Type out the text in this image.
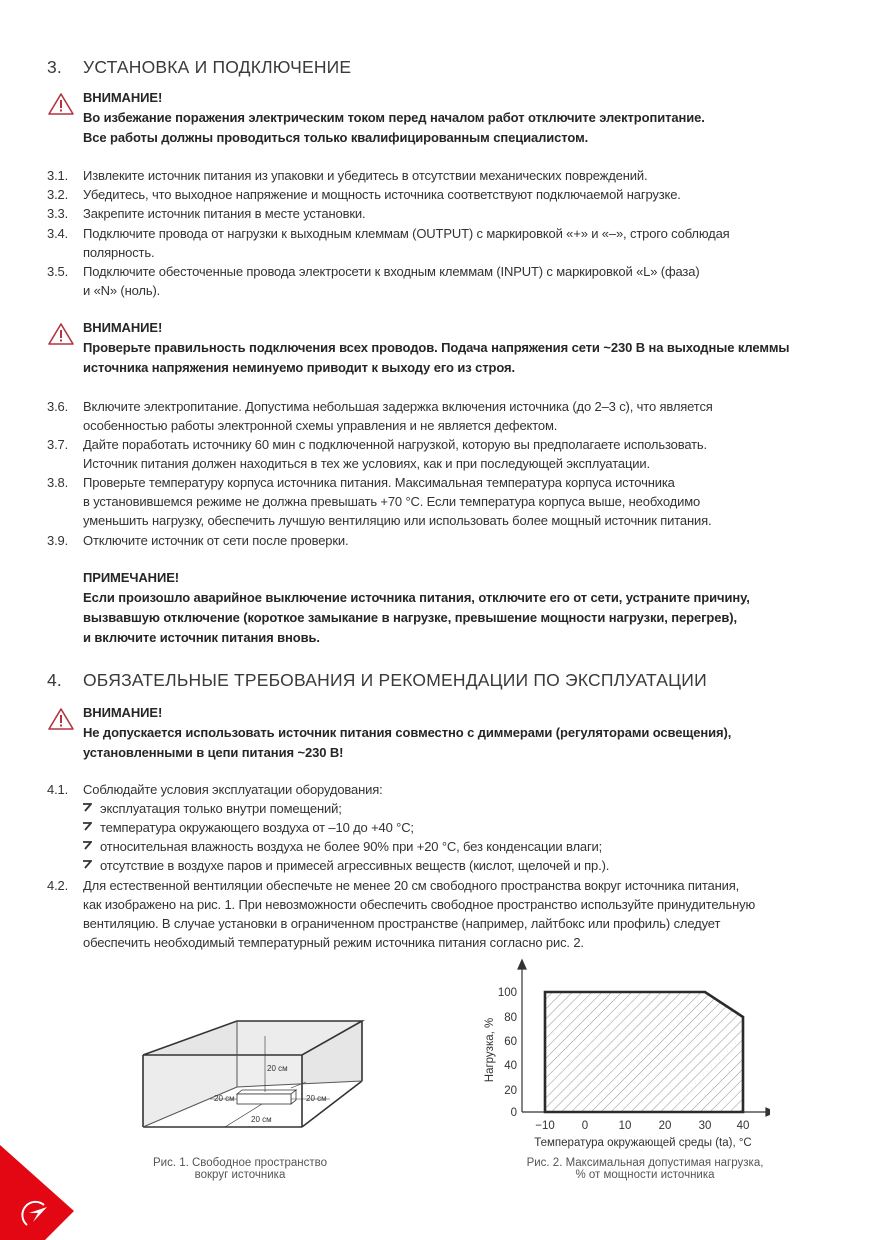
3. УСТАНОВКА И ПОДКЛЮЧЕНИЕ
ВНИМАНИЕ!
Во избежание поражения электрическим током перед началом работ отключите электропитание.
Все работы должны проводиться только квалифицированным специалистом.
3.1. Извлеките источник питания из упаковки и убедитесь в отсутствии механических повреждений.
3.2. Убедитесь, что выходное напряжение и мощность источника соответствуют подключаемой нагрузке.
3.3. Закрепите источник питания в месте установки.
3.4. Подключите провода от нагрузки к выходным клеммам (OUTPUT) с маркировкой «+» и «–», строго соблюдая
полярность.
3.5. Подключите обесточенные провода электросети к входным клеммам (INPUT) с маркировкой «L» (фаза)
и «N» (ноль).
ВНИМАНИЕ!
Проверьте правильность подключения всех проводов. Подача напряжения сети ~230 В на выходные клеммы
источника напряжения неминуемо приводит к выходу его из строя.
3.6. Включите электропитание. Допустима небольшая задержка включения источника (до 2–3 с), что является
особенностью работы электронной схемы управления и не является дефектом.
3.7. Дайте поработать источнику 60 мин с подключенной нагрузкой, которую вы предполагаете использовать.
Источник питания должен находиться в тех же условиях, как и при последующей эксплуатации.
3.8. Проверьте температуру корпуса источника питания. Максимальная температура корпуса источника
в установившемся режиме не должна превышать +70 °С. Если температура корпуса выше, необходимо
уменьшить нагрузку, обеспечить лучшую вентиляцию или использовать более мощный источник питания.
3.9. Отключите источник от сети после проверки.
ПРИМЕЧАНИЕ!
Если произошло аварийное выключение источника питания, отключите его от сети, устраните причину,
вызвавшую отключение (короткое замыкание в нагрузке, превышение мощности нагрузки, перегрев),
и включите источник питания вновь.
4. ОБЯЗАТЕЛЬНЫЕ ТРЕБОВАНИЯ И РЕКОМЕНДАЦИИ ПО ЭКСПЛУАТАЦИИ
ВНИМАНИЕ!
Не допускается использовать источник питания совместно с диммерами (регуляторами освещения),
установленными в цепи питания ~230 В!
4.1. Соблюдайте условия эксплуатации оборудования:
эксплуатация только внутри помещений;
температура окружающего воздуха от –10 до +40 °С;
относительная влажность воздуха не более 90% при +20 °С, без конденсации влаги;
отсутствие в воздухе паров и примесей агрессивных веществ (кислот, щелочей и пр.).
4.2. Для естественной вентиляции обеспечьте не менее 20 см свободного пространства вокруг источника питания,
как изображено на рис. 1. При невозможности обеспечить свободное пространство используйте принудительную
вентиляцию. В случае установки в ограниченном пространстве (например, лайтбокс или профиль) следует
обеспечить необходимый температурный режим источника питания согласно рис. 2.
20 см
20 см	20 см
20 см
Рис. 1. Свободное пространство
вокруг источника
100
80
60
40
20
0
−10 0	10 20 30 40
Температура окружающей среды (ta), °С
Нагрузка, %
Рис. 2. Максимальная допустимая нагрузка,
% от мощности источника
